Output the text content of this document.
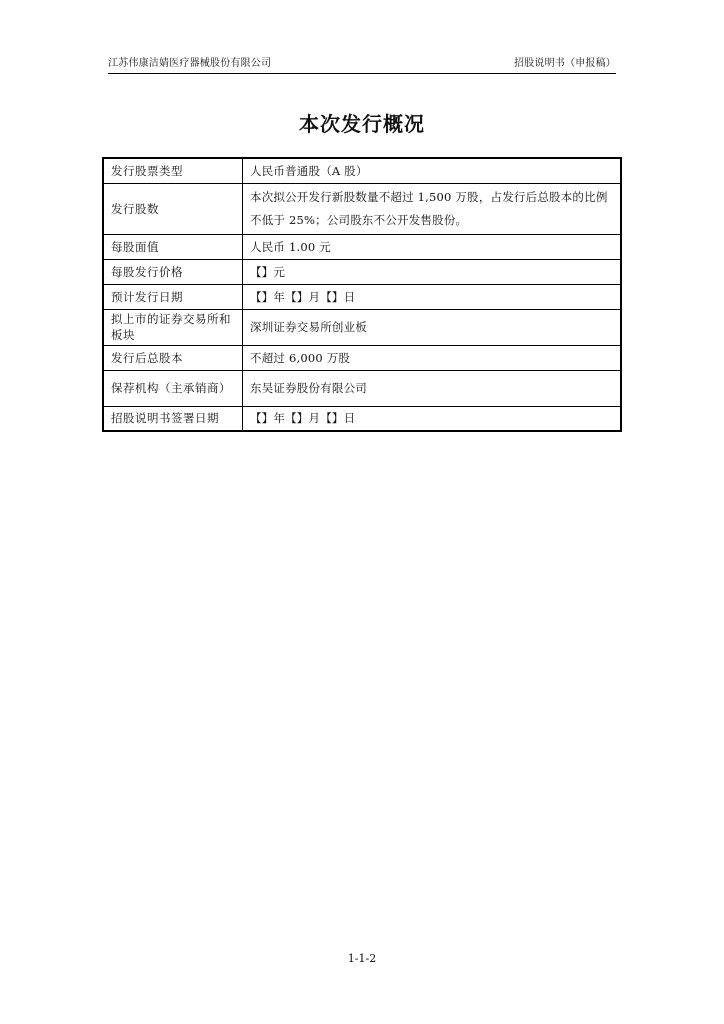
江苏伟康洁婧医疗器械股份有限公司	招股说明书（申报稿）
本次发行概况
发行股票类型	人民币普通股（A 股）
发行股数	本次拟公开发行新股数量不超过 1,500 万股，占发行后总股本的比例不低于 25%；公司股东不公开发售股份。
每股面值	人民币 1.00 元
每股发行价格	【】元
预计发行日期	【】年【】月【】日
拟上市的证券交易所和板块	深圳证券交易所创业板
发行后总股本	不超过 6,000 万股
保荐机构（主承销商）	东吴证券股份有限公司
招股说明书签署日期	【】年【】月【】日
1-1-2
